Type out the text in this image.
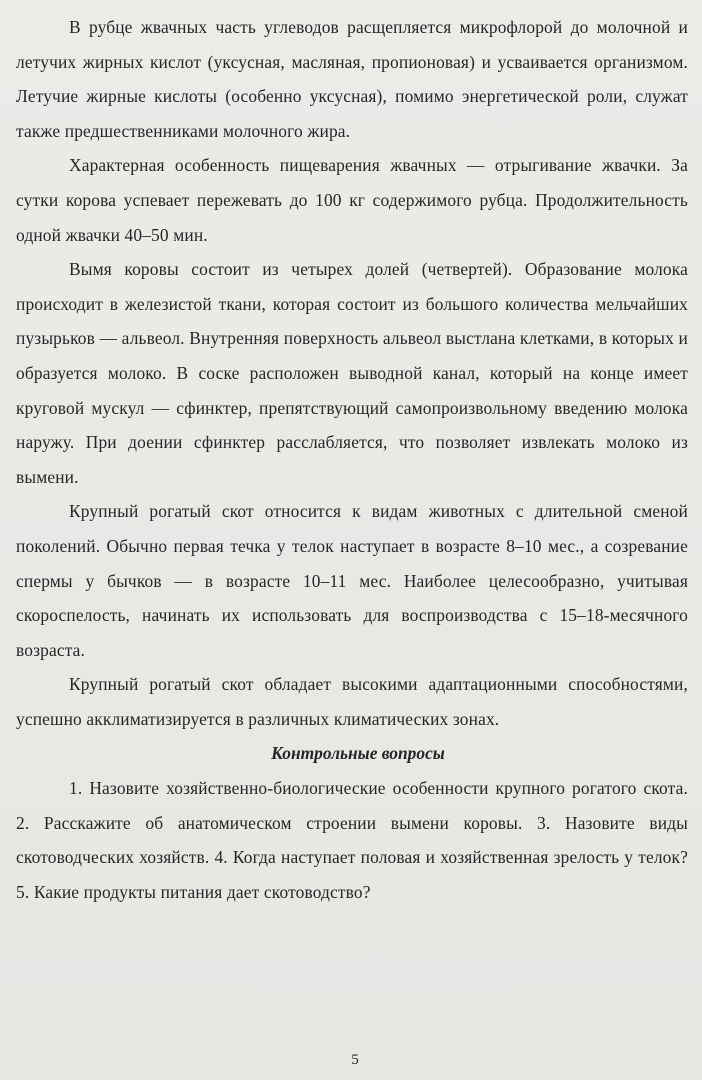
В рубце жвачных часть углеводов расщепляется микрофлорой до молочной и летучих жирных кислот (уксусная, масляная, пропионовая) и усваивается организмом. Летучие жирные кислоты (особенно уксусная), помимо энергетической роли, служат также предшественниками молочного жира.

Характерная особенность пищеварения жвачных — отрыгивание жвачки. За сутки корова успевает пережевать до 100 кг содержимого рубца. Продолжительность одной жвачки 40–50 мин.

Вымя коровы состоит из четырех долей (четвертей). Образование молока происходит в железистой ткани, которая состоит из большого количества мельчайших пузырьков — альвеол. Внутренняя поверхность альвеол выстлана клетками, в которых и образуется молоко. В соске расположен выводной канал, который на конце имеет круговой мускул — сфинктер, препятствующий самопроизвольному введению молока наружу. При доении сфинктер расслабляется, что позволяет извлекать молоко из вымени.

Крупный рогатый скот относится к видам животных с длительной сменой поколений. Обычно первая течка у телок наступает в возрасте 8–10 мес., а созревание спермы у бычков — в возрасте 10–11 мес. Наиболее целесообразно, учитывая скороспелость, начинать их использовать для воспроизводства с 15–18-месячного возраста.

Крупный рогатый скот обладает высокими адаптационными способностями, успешно акклиматизируется в различных климатических зонах.

Контрольные вопросы

1. Назовите хозяйственно-биологические особенности крупного рогатого скота. 2. Расскажите об анатомическом строении вымени коровы. 3. Назовите виды скотоводческих хозяйств. 4. Когда наступает половая и хозяйственная зрелость у телок? 5. Какие продукты питания дает скотоводство?

5
